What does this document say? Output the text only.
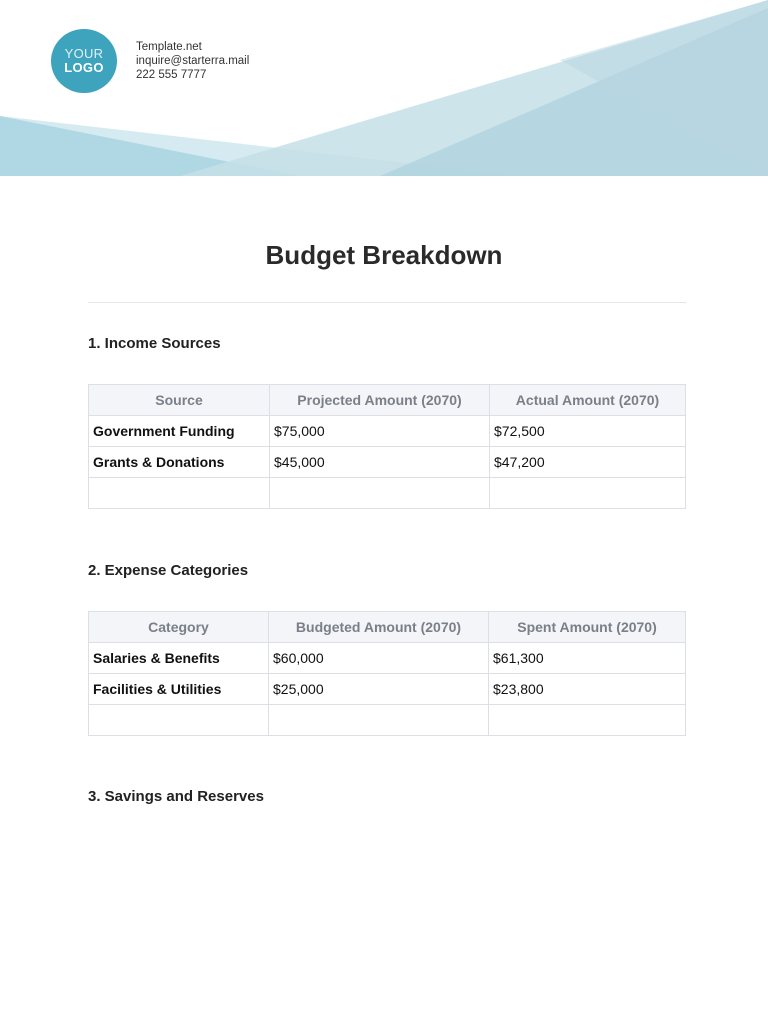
YOUR
LOGO
Template.net
inquire@starterra.mail
222 555 7777
Budget Breakdown
1. Income Sources
Source	Projected Amount (2070)	Actual Amount (2070)
Government Funding	$75,000	$72,500
Grants & Donations	$45,000	$47,200

2. Expense Categories
Category	Budgeted Amount (2070)	Spent Amount (2070)
Salaries & Benefits	$60,000	$61,300
Facilities & Utilities	$25,000	$23,800

3. Savings and Reserves
